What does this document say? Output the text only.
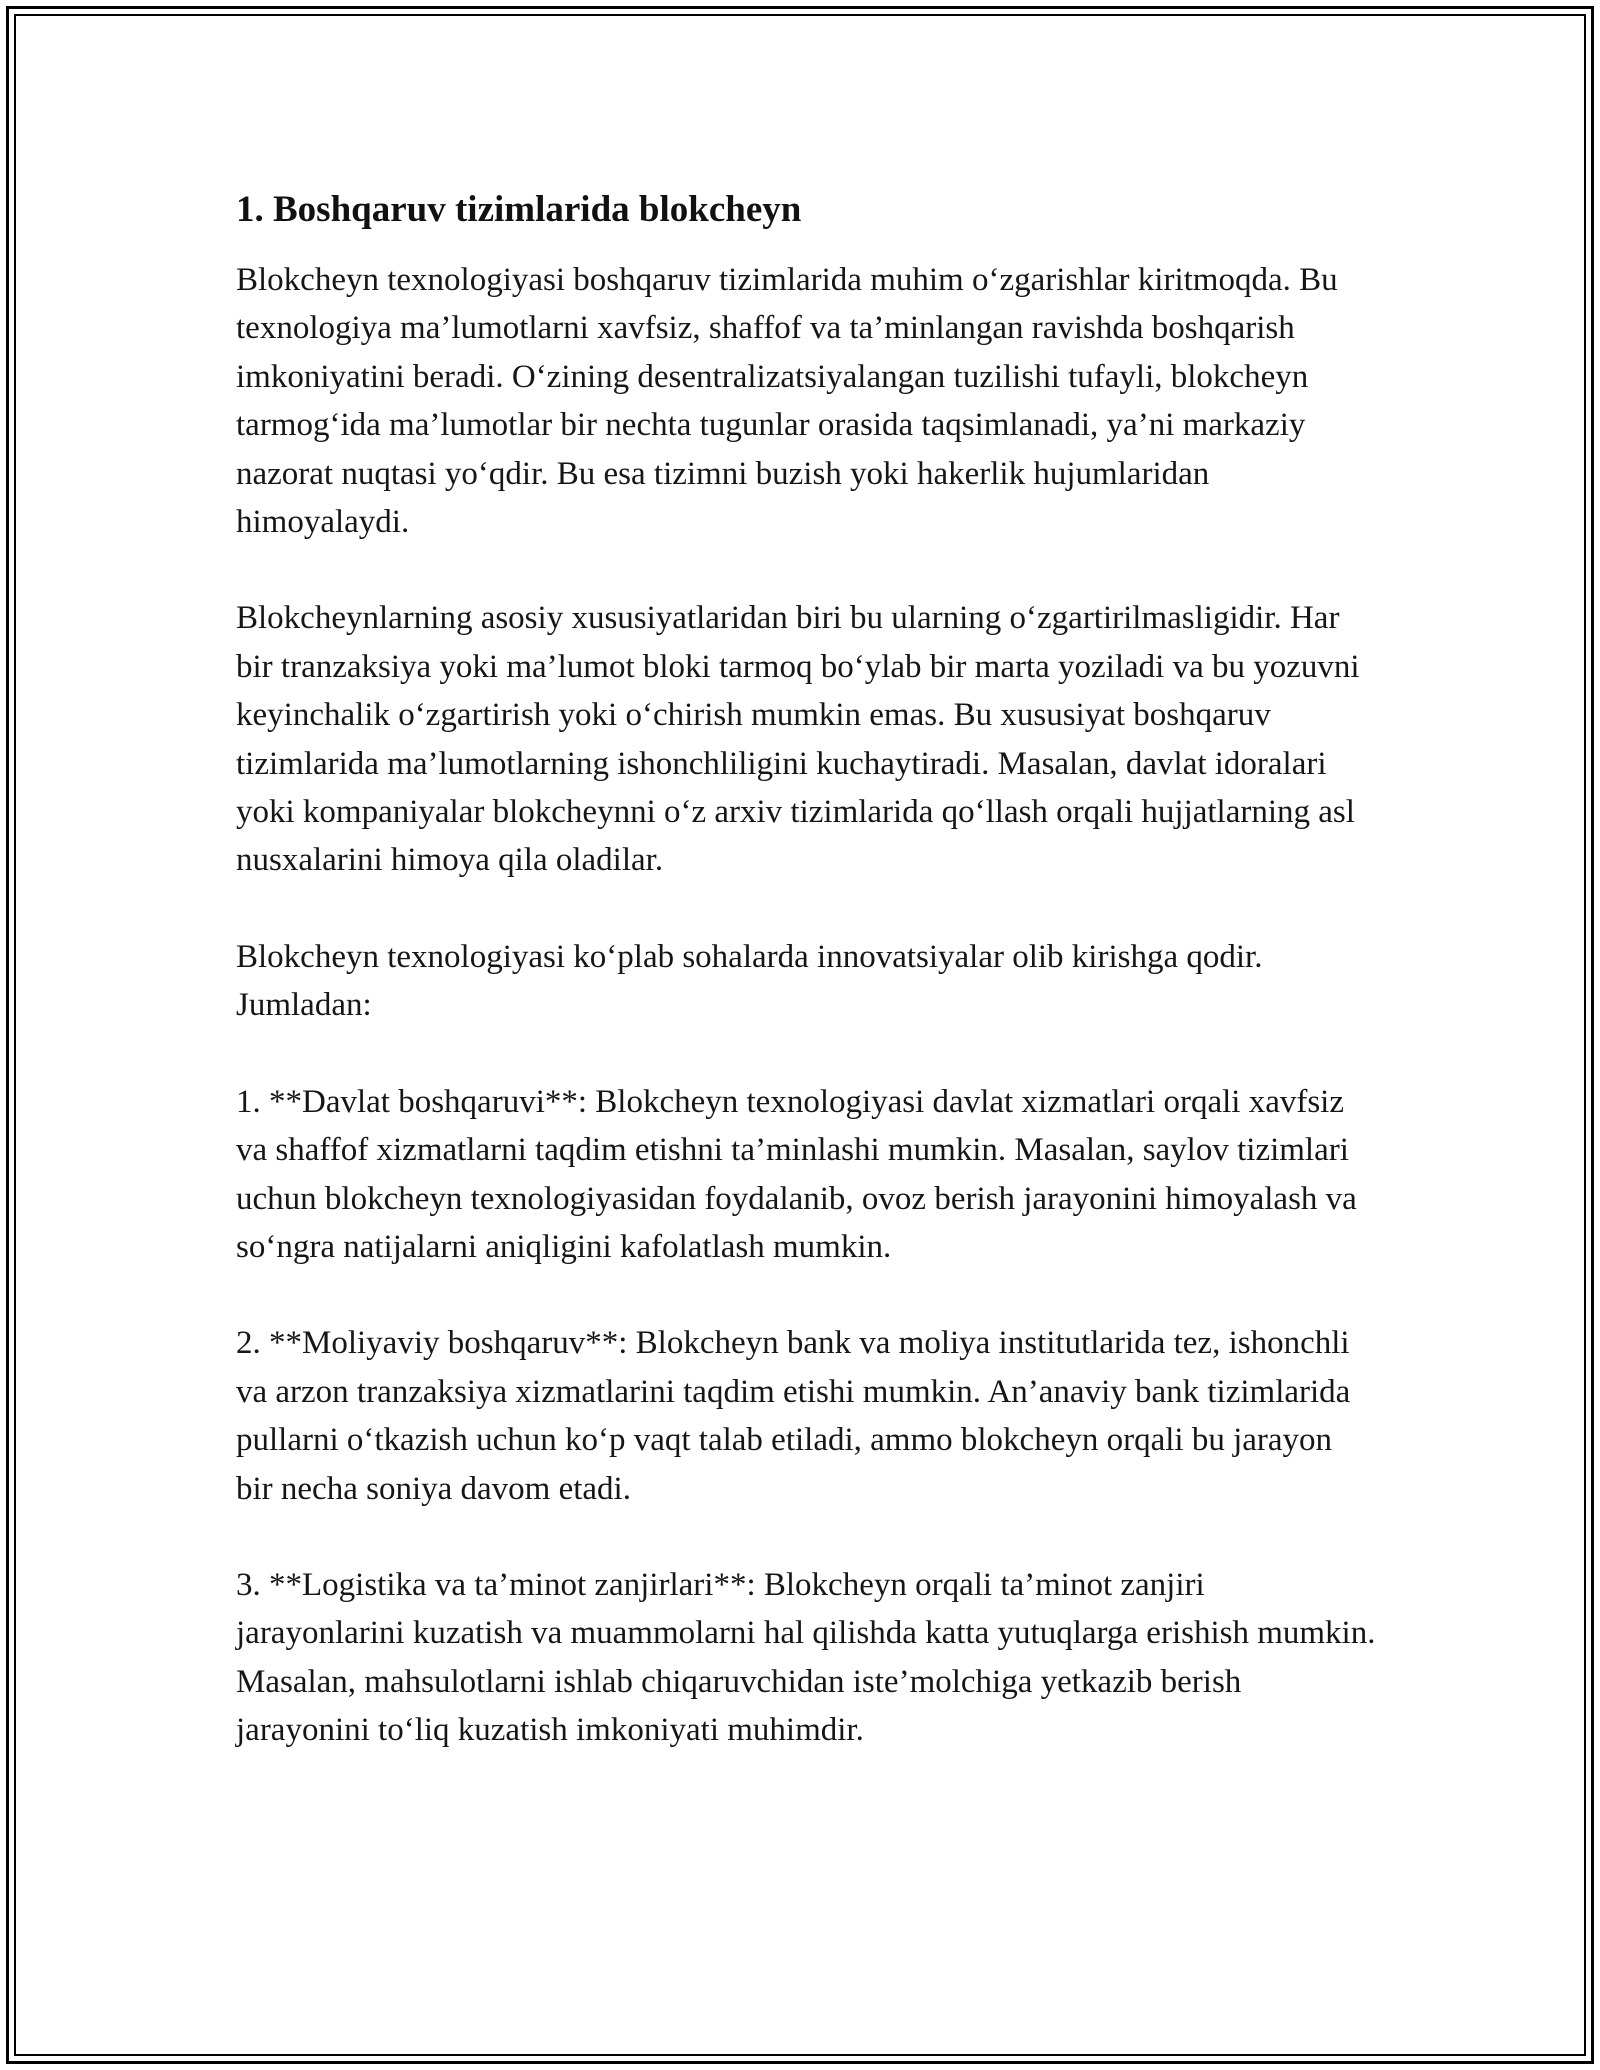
1. Boshqaruv tizimlarida blokcheyn

Blokcheyn texnologiyasi boshqaruv tizimlarida muhim o‘zgarishlar kiritmoqda. Bu texnologiya ma’lumotlarni xavfsiz, shaffof va ta’minlangan ravishda boshqarish imkoniyatini beradi. O‘zining desentralizatsiyalangan tuzilishi tufayli, blokcheyn tarmog‘ida ma’lumotlar bir nechta tugunlar orasida taqsimlanadi, ya’ni markaziy nazorat nuqtasi yo‘qdir. Bu esa tizimni buzish yoki hakerlik hujumlaridan himoyalaydi.

Blokcheynlarning asosiy xususiyatlaridan biri bu ularning o‘zgartirilmasligidir. Har bir tranzaksiya yoki ma’lumot bloki tarmoq bo‘ylab bir marta yoziladi va bu yozuvni keyinchalik o‘zgartirish yoki o‘chirish mumkin emas. Bu xususiyat boshqaruv tizimlarida ma’lumotlarning ishonchliligini kuchaytiradi. Masalan, davlat idoralari yoki kompaniyalar blokcheynni o‘z arxiv tizimlarida qo‘llash orqali hujjatlarning asl nusxalarini himoya qila oladilar.

Blokcheyn texnologiyasi ko‘plab sohalarda innovatsiyalar olib kirishga qodir. Jumladan:

1. **Davlat boshqaruvi**: Blokcheyn texnologiyasi davlat xizmatlari orqali xavfsiz va shaffof xizmatlarni taqdim etishni ta’minlashi mumkin. Masalan, saylov tizimlari uchun blokcheyn texnologiyasidan foydalanib, ovoz berish jarayonini himoyalash va so‘ngra natijalarni aniqligini kafolatlash mumkin.

2. **Moliyaviy boshqaruv**: Blokcheyn bank va moliya institutlarida tez, ishonchli va arzon tranzaksiya xizmatlarini taqdim etishi mumkin. An’anaviy bank tizimlarida pullarni o‘tkazish uchun ko‘p vaqt talab etiladi, ammo blokcheyn orqali bu jarayon bir necha soniya davom etadi.

3. **Logistika va ta’minot zanjirlari**: Blokcheyn orqali ta’minot zanjiri jarayonlarini kuzatish va muammolarni hal qilishda katta yutuqlarga erishish mumkin. Masalan, mahsulotlarni ishlab chiqaruvchidan iste’molchiga yetkazib berish jarayonini to‘liq kuzatish imkoniyati muhimdir.
